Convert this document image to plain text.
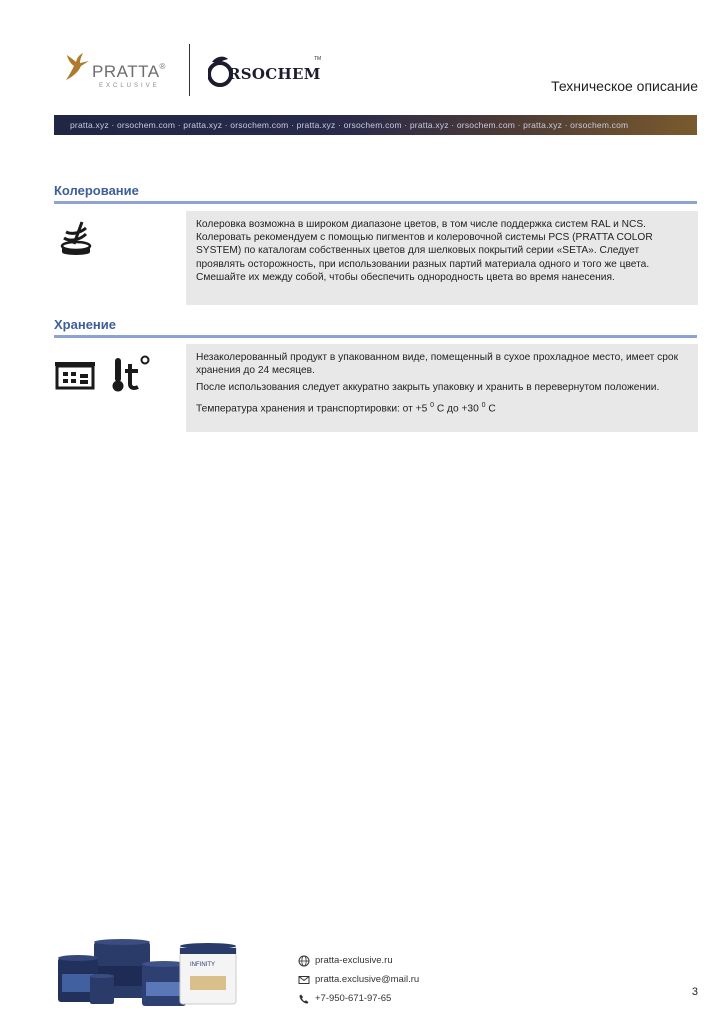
PRATTA®
EXCLUSIVE
RSOCHEM
TM
Техническое описание
pratta.xyz · orsochem.com · pratta.xyz · orsochem.com · pratta.xyz · orsochem.com · pratta.xyz · orsochem.com · pratta.xyz · orsochem.com
Колерование

Колеровка возможна в широком диапазоне цветов, в том числе поддержка систем RAL и NCS. Колеровать рекомендуем с помощью пигментов и колеровочной системы PCS (PRATTA COLOR SYSTEM) по каталогам собственных цветов для шелковых покрытий серии «SETA». Следует проявлять осторожность, при использовании разных партий материала одного и того же цвета. Смешайте их между собой, чтобы обеспечить однородность цвета во время нанесения.

Хранение

Незаколерованный продукт в упакованном виде, помещенный в сухое прохладное место, имеет срок хранения до 24 месяцев.

После использования следует аккуратно закрыть упаковку и хранить в перевернутом положении.

Температура хранения и транспортировки: от +5 $^0$ С до +30 $^0$ С

INFINITY	pratta-exclusive.ru
pratta.exclusive@mail.ru
+7-950-671-97-65
3
